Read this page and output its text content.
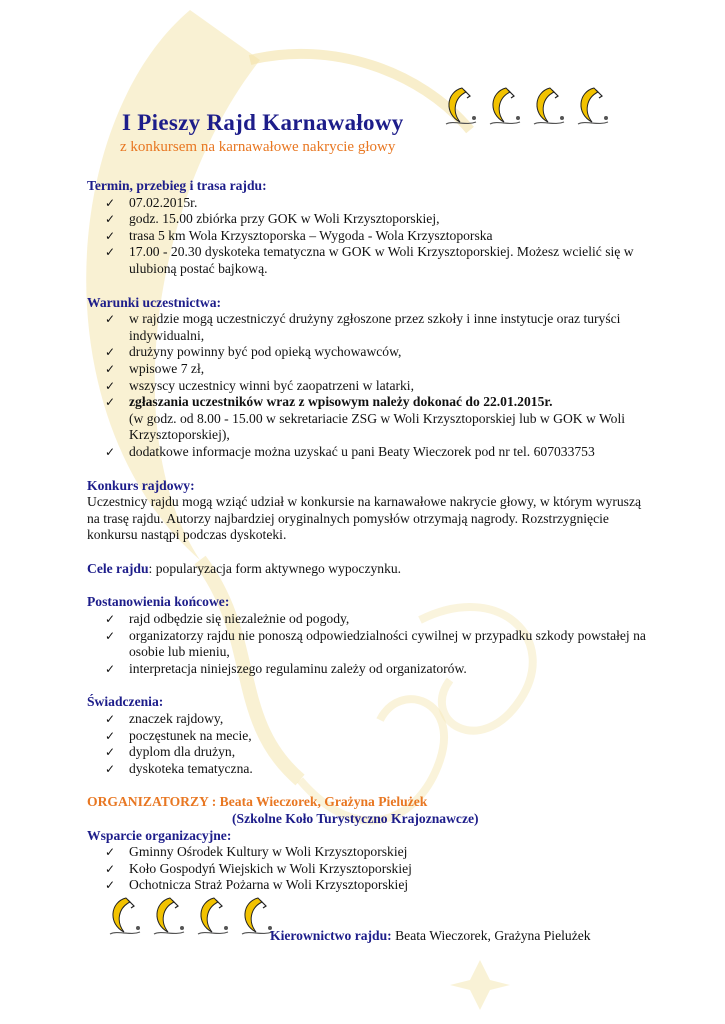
I Pieszy Rajd Karnawałowy
z konkursem na karnawałowe nakrycie głowy
Termin, przebieg i trasa rajdu:
✓	07.02.2015r.
✓	godz. 15.00 zbiórka przy GOK w Woli Krzysztoporskiej,
✓	trasa 5 km Wola Krzysztoporska – Wygoda - Wola Krzysztoporska
✓	17.00 - 20.30 dyskoteka tematyczna w GOK w Woli Krzysztoporskiej. Możesz wcielić się w ulubioną postać bajkową.
Warunki uczestnictwa:
✓	w rajdzie mogą uczestniczyć drużyny zgłoszone przez szkoły i inne instytucje oraz turyści indywidualni,
✓	drużyny powinny być pod opieką wychowawców,
✓	wpisowe 7 zł,
✓	wszyscy uczestnicy winni być zaopatrzeni w latarki,
✓	zgłaszania uczestników wraz z wpisowym należy dokonać do 22.01.2015r.
(w godz. od 8.00 - 15.00 w sekretariacie ZSG w Woli Krzysztoporskiej lub w GOK w Woli Krzysztoporskiej),
✓	dodatkowe informacje można uzyskać u pani Beaty Wieczorek pod nr tel. 607033753
Konkurs rajdowy:
Uczestnicy rajdu mogą wziąć udział w konkursie na karnawałowe nakrycie głowy, w którym wyruszą na trasę rajdu. Autorzy najbardziej oryginalnych pomysłów otrzymają nagrody. Rozstrzygnięcie konkursu nastąpi podczas dyskoteki.
Cele rajdu: popularyzacja form aktywnego wypoczynku.
Postanowienia końcowe:
✓	rajd odbędzie się niezależnie od pogody,
✓	organizatorzy rajdu nie ponoszą odpowiedzialności cywilnej w przypadku szkody powstałej na osobie lub mieniu,
✓	interpretacja niniejszego regulaminu zależy od organizatorów.
Świadczenia:
✓	znaczek rajdowy,
✓	poczęstunek na mecie,
✓	dyplom dla drużyn,
✓	dyskoteka tematyczna.
ORGANIZATORZY : Beata Wieczorek, Grażyna Pielużek
(Szkolne Koło Turystyczno Krajoznawcze)
Wsparcie organizacyjne:
✓	Gminny Ośrodek Kultury w Woli Krzysztoporskiej
✓	Koło Gospodyń Wiejskich w Woli Krzysztoporskiej
✓	Ochotnicza Straż Pożarna w Woli Krzysztoporskiej
Kierownictwo rajdu: Beata Wieczorek, Grażyna Pielużek
